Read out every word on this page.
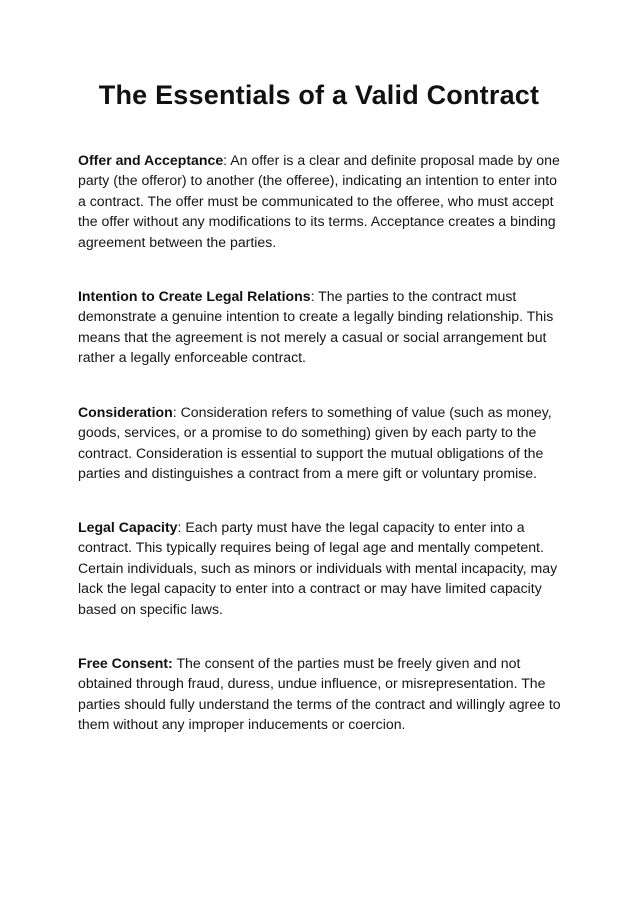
The Essentials of a Valid Contract

Offer and Acceptance: An offer is a clear and definite proposal made by one party (the offeror) to another (the offeree), indicating an intention to enter into a contract. The offer must be communicated to the offeree, who must accept the offer without any modifications to its terms. Acceptance creates a binding agreement between the parties.

Intention to Create Legal Relations: The parties to the contract must demonstrate a genuine intention to create a legally binding relationship. This means that the agreement is not merely a casual or social arrangement but rather a legally enforceable contract.

Consideration: Consideration refers to something of value (such as money, goods, services, or a promise to do something) given by each party to the contract. Consideration is essential to support the mutual obligations of the parties and distinguishes a contract from a mere gift or voluntary promise.

Legal Capacity: Each party must have the legal capacity to enter into a contract. This typically requires being of legal age and mentally competent. Certain individuals, such as minors or individuals with mental incapacity, may lack the legal capacity to enter into a contract or may have limited capacity based on specific laws.

Free Consent: The consent of the parties must be freely given and not obtained through fraud, duress, undue influence, or misrepresentation. The parties should fully understand the terms of the contract and willingly agree to them without any improper inducements or coercion.
